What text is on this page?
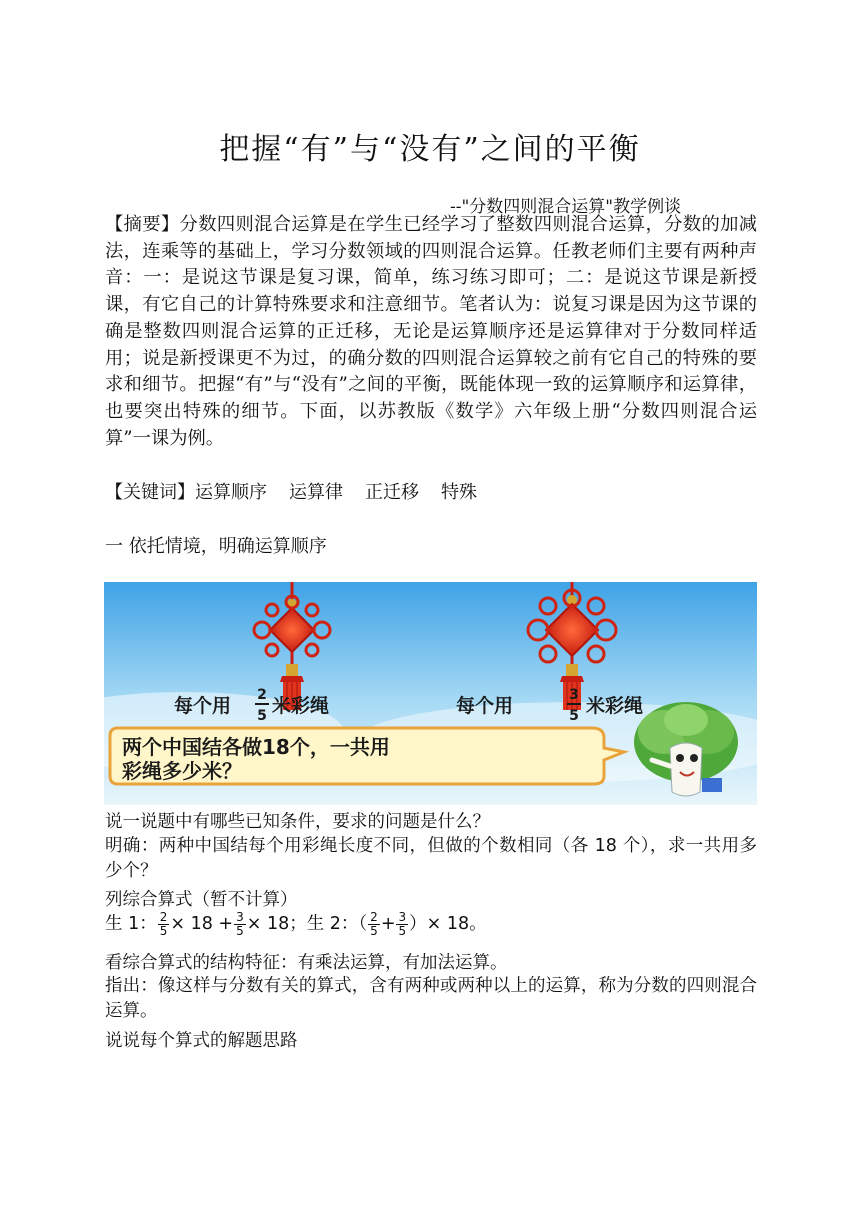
把握“有”与“没有”之间的平衡
--"分数四则混合运算"教学例谈

【摘要】分数四则混合运算是在学生已经学习了整数四则混合运算，分数的加减法，连乘等的基础上，学习分数领域的四则混合运算。任教老师们主要有两种声音：一：是说这节课是复习课，简单，练习练习即可；二：是说这节课是新授课，有它自己的计算特殊要求和注意细节。笔者认为：说复习课是因为这节课的确是整数四则混合运算的正迁移，无论是运算顺序还是运算律对于分数同样适用；说是新授课更不为过，的确分数的四则混合运算较之前有它自己的特殊的要求和细节。把握“有”与“没有”之间的平衡，既能体现一致的运算顺序和运算律，也要突出特殊的细节。下面，以苏教版《数学》六年级上册“分数四则混合运算”一课为例。

【关键词】运算顺序 运算律 正迁移 特殊
一 依托情境，明确运算顺序
每个用 2
5 米彩绳	每个用	3
5 米彩绳
两个中国结各做18个，一共用
彩绳多少米？
说一说题中有哪些已知条件，要求的问题是什么？

明确：两种中国结每个用彩绳长度不同，但做的个数相同（各 18 个），求一共用多少个？

列综合算式（暂不计算）
生 1： $\frac{2}{5} \times 18 + \frac{3}{5} \times 18$；生 2：（ $\frac{2}{5} + \frac{3}{5}$ ）× 18。
看综合算式的结构特征：有乘法运算，有加法运算。

指出：像这样与分数有关的算式，含有两种或两种以上的运算，称为分数的四则混合运算。

说说每个算式的解题思路
